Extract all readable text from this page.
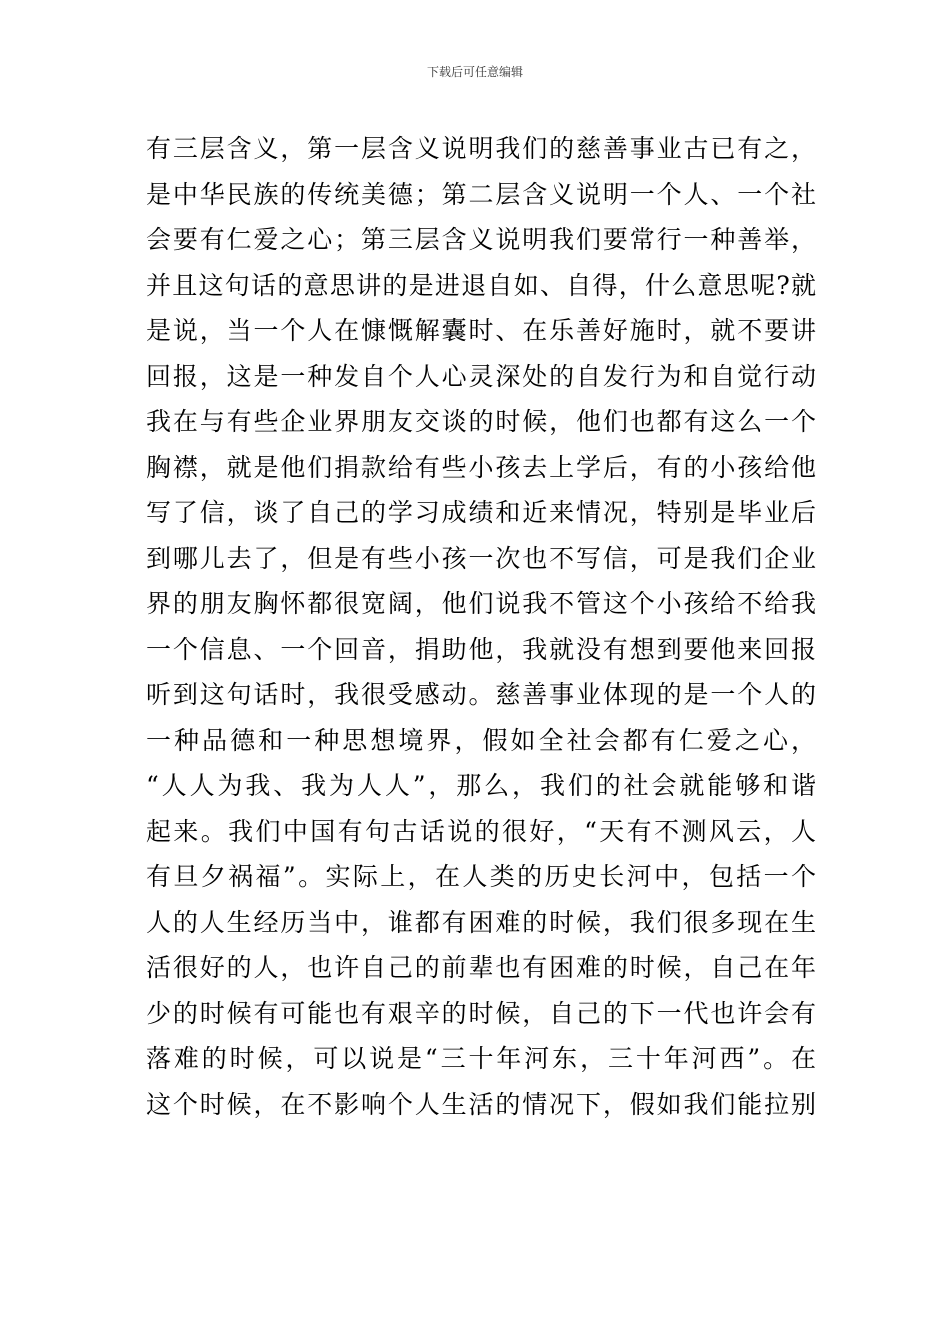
下载后可任意编辑
有三层含义，第一层含义说明我们的慈善事业古已有之，
是中华民族的传统美德；第二层含义说明一个人、一个社
会要有仁爱之心；第三层含义说明我们要常行一种善举，
并且这句话的意思讲的是进退自如、自得，什么意思呢?就
是说，当一个人在慷慨解囊时、在乐善好施时，就不要讲
回报，这是一种发自个人心灵深处的自发行为和自觉行动
我在与有些企业界朋友交谈的时候，他们也都有这么一个
胸襟，就是他们捐款给有些小孩去上学后，有的小孩给他
写了信，谈了自己的学习成绩和近来情况，特别是毕业后
到哪儿去了，但是有些小孩一次也不写信，可是我们企业
界的朋友胸怀都很宽阔，他们说我不管这个小孩给不给我
一个信息、一个回音，捐助他，我就没有想到要他来回报
听到这句话时，我很受感动。慈善事业体现的是一个人的
一种品德和一种思想境界，假如全社会都有仁爱之心，
“人人为我、我为人人”，那么，我们的社会就能够和谐
起来。我们中国有句古话说的很好，“天有不测风云，人
有旦夕祸福”。实际上，在人类的历史长河中，包括一个
人的人生经历当中，谁都有困难的时候，我们很多现在生
活很好的人，也许自己的前辈也有困难的时候，自己在年
少的时候有可能也有艰辛的时候，自己的下一代也许会有
落难的时候，可以说是“三十年河东，三十年河西”。在
这个时候，在不影响个人生活的情况下，假如我们能拉别
